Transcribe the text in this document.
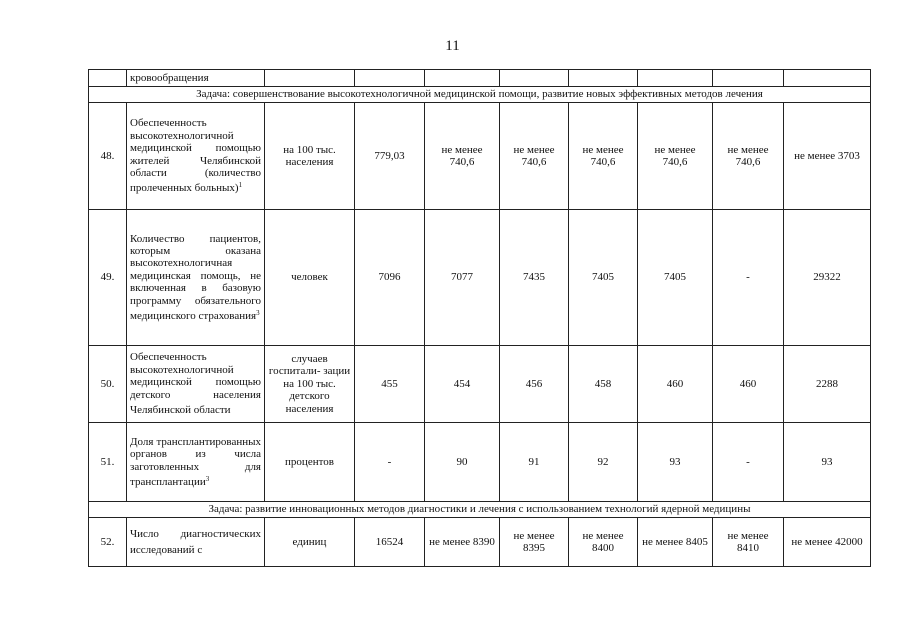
11
	кровообращения								
Задача: совершенствование высокотехнологичной медицинской помощи, развитие новых эффективных методов лечения									
48.	Обеспеченность высокотехнологичной медицинской помощью жителей Челябинской области (количество пролеченных больных)$^1$	на 100 тыс. населения	779,03	не менее 740,6	не менее 740,6	не менее 740,6	не менее 740,6	не менее 740,6	не менее 3703
49.	Количество пациентов, которым оказана высокотехнологичная медицинская помощь, не включенная в базовую программу обязательного медицинского страхования$^3$	человек	7096	7077	7435	7405	7405	-	29322
50.	Обеспеченность высокотехнологичной медицинской помощью детского населения Челябинской области	случаев госпитали- зации на 100 тыс. детского населения	455	454	456	458	460	460	2288
51.	Доля трансплантированных органов из числа заготовленных для трансплантации$^3$	процентов	-	90	91	92	93	-	93
Задача: развитие инновационных методов диагностики и лечения с использованием технологий ядерной медицины									
52.	Число диагностических исследований с	единиц	16524	не менее 8390	не менее 8395	не менее 8400	не менее 8405	не менее 8410	не менее 42000
